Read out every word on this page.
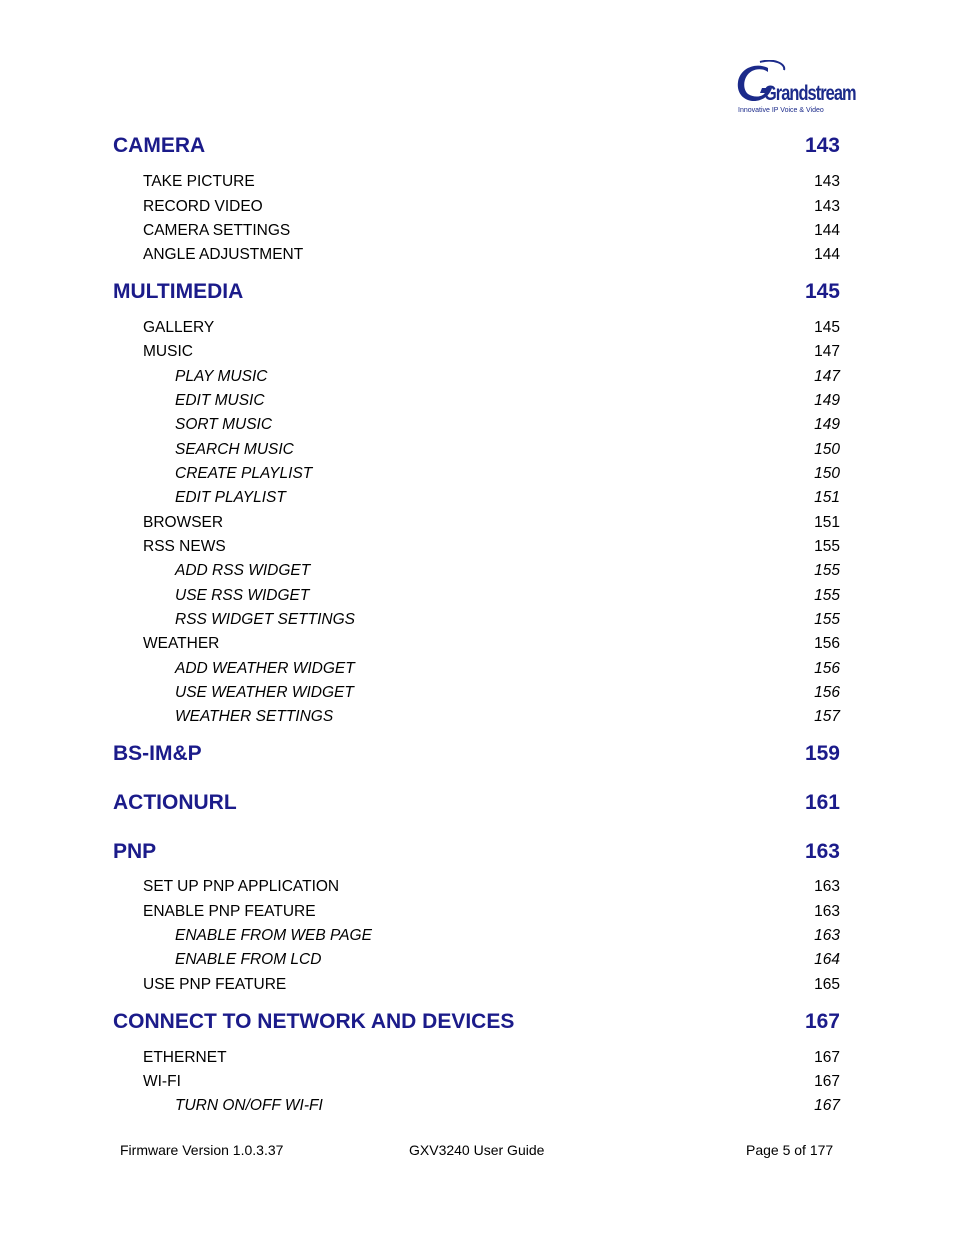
Grandstream
Innovative IP Voice & Video
CAMERA	143
TAKE PICTURE	143
RECORD VIDEO	143
CAMERA SETTINGS	144
ANGLE ADJUSTMENT	144
MULTIMEDIA	145
GALLERY	145
MUSIC	147
PLAY MUSIC	147
EDIT MUSIC	149
SORT MUSIC	149
SEARCH MUSIC	150
CREATE PLAYLIST	150
EDIT PLAYLIST	151
BROWSER	151
RSS NEWS	155
ADD RSS WIDGET	155
USE RSS WIDGET	155
RSS WIDGET SETTINGS	155
WEATHER	156
ADD WEATHER WIDGET	156
USE WEATHER WIDGET	156
WEATHER SETTINGS	157
BS-IM&P	159
ACTIONURL	161
PNP	163
SET UP PNP APPLICATION	163
ENABLE PNP FEATURE	163
ENABLE FROM WEB PAGE	163
ENABLE FROM LCD	164
USE PNP FEATURE	165
CONNECT TO NETWORK AND DEVICES	167
ETHERNET	167
WI-FI	167
TURN ON/OFF WI-FI	167
Firmware Version 1.0.3.37	GXV3240 User Guide	Page 5 of 177
